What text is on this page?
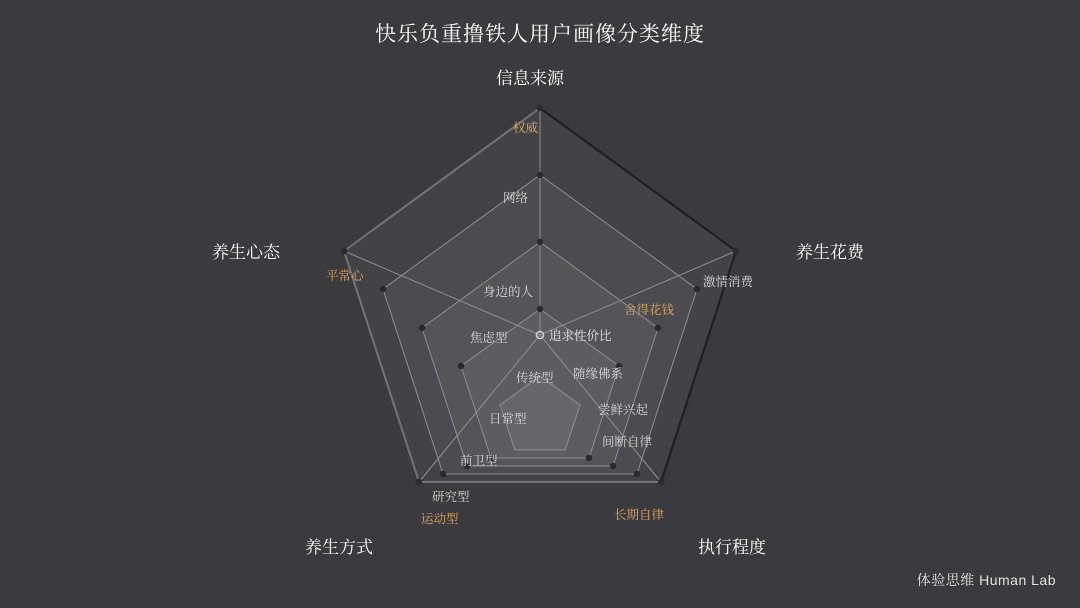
快乐负重撸铁人用户画像分类维度
信息来源
养生花费
执行程度
养生方式
养生心态
权威
网络
身边的人
追求性价比
平常心
焦虑型
激情消费
舍得花钱
随缘佛系
尝鲜兴起
间断自律
长期自律
传统型
日常型
前卫型
研究型
运动型
体验思维 Human Lab
